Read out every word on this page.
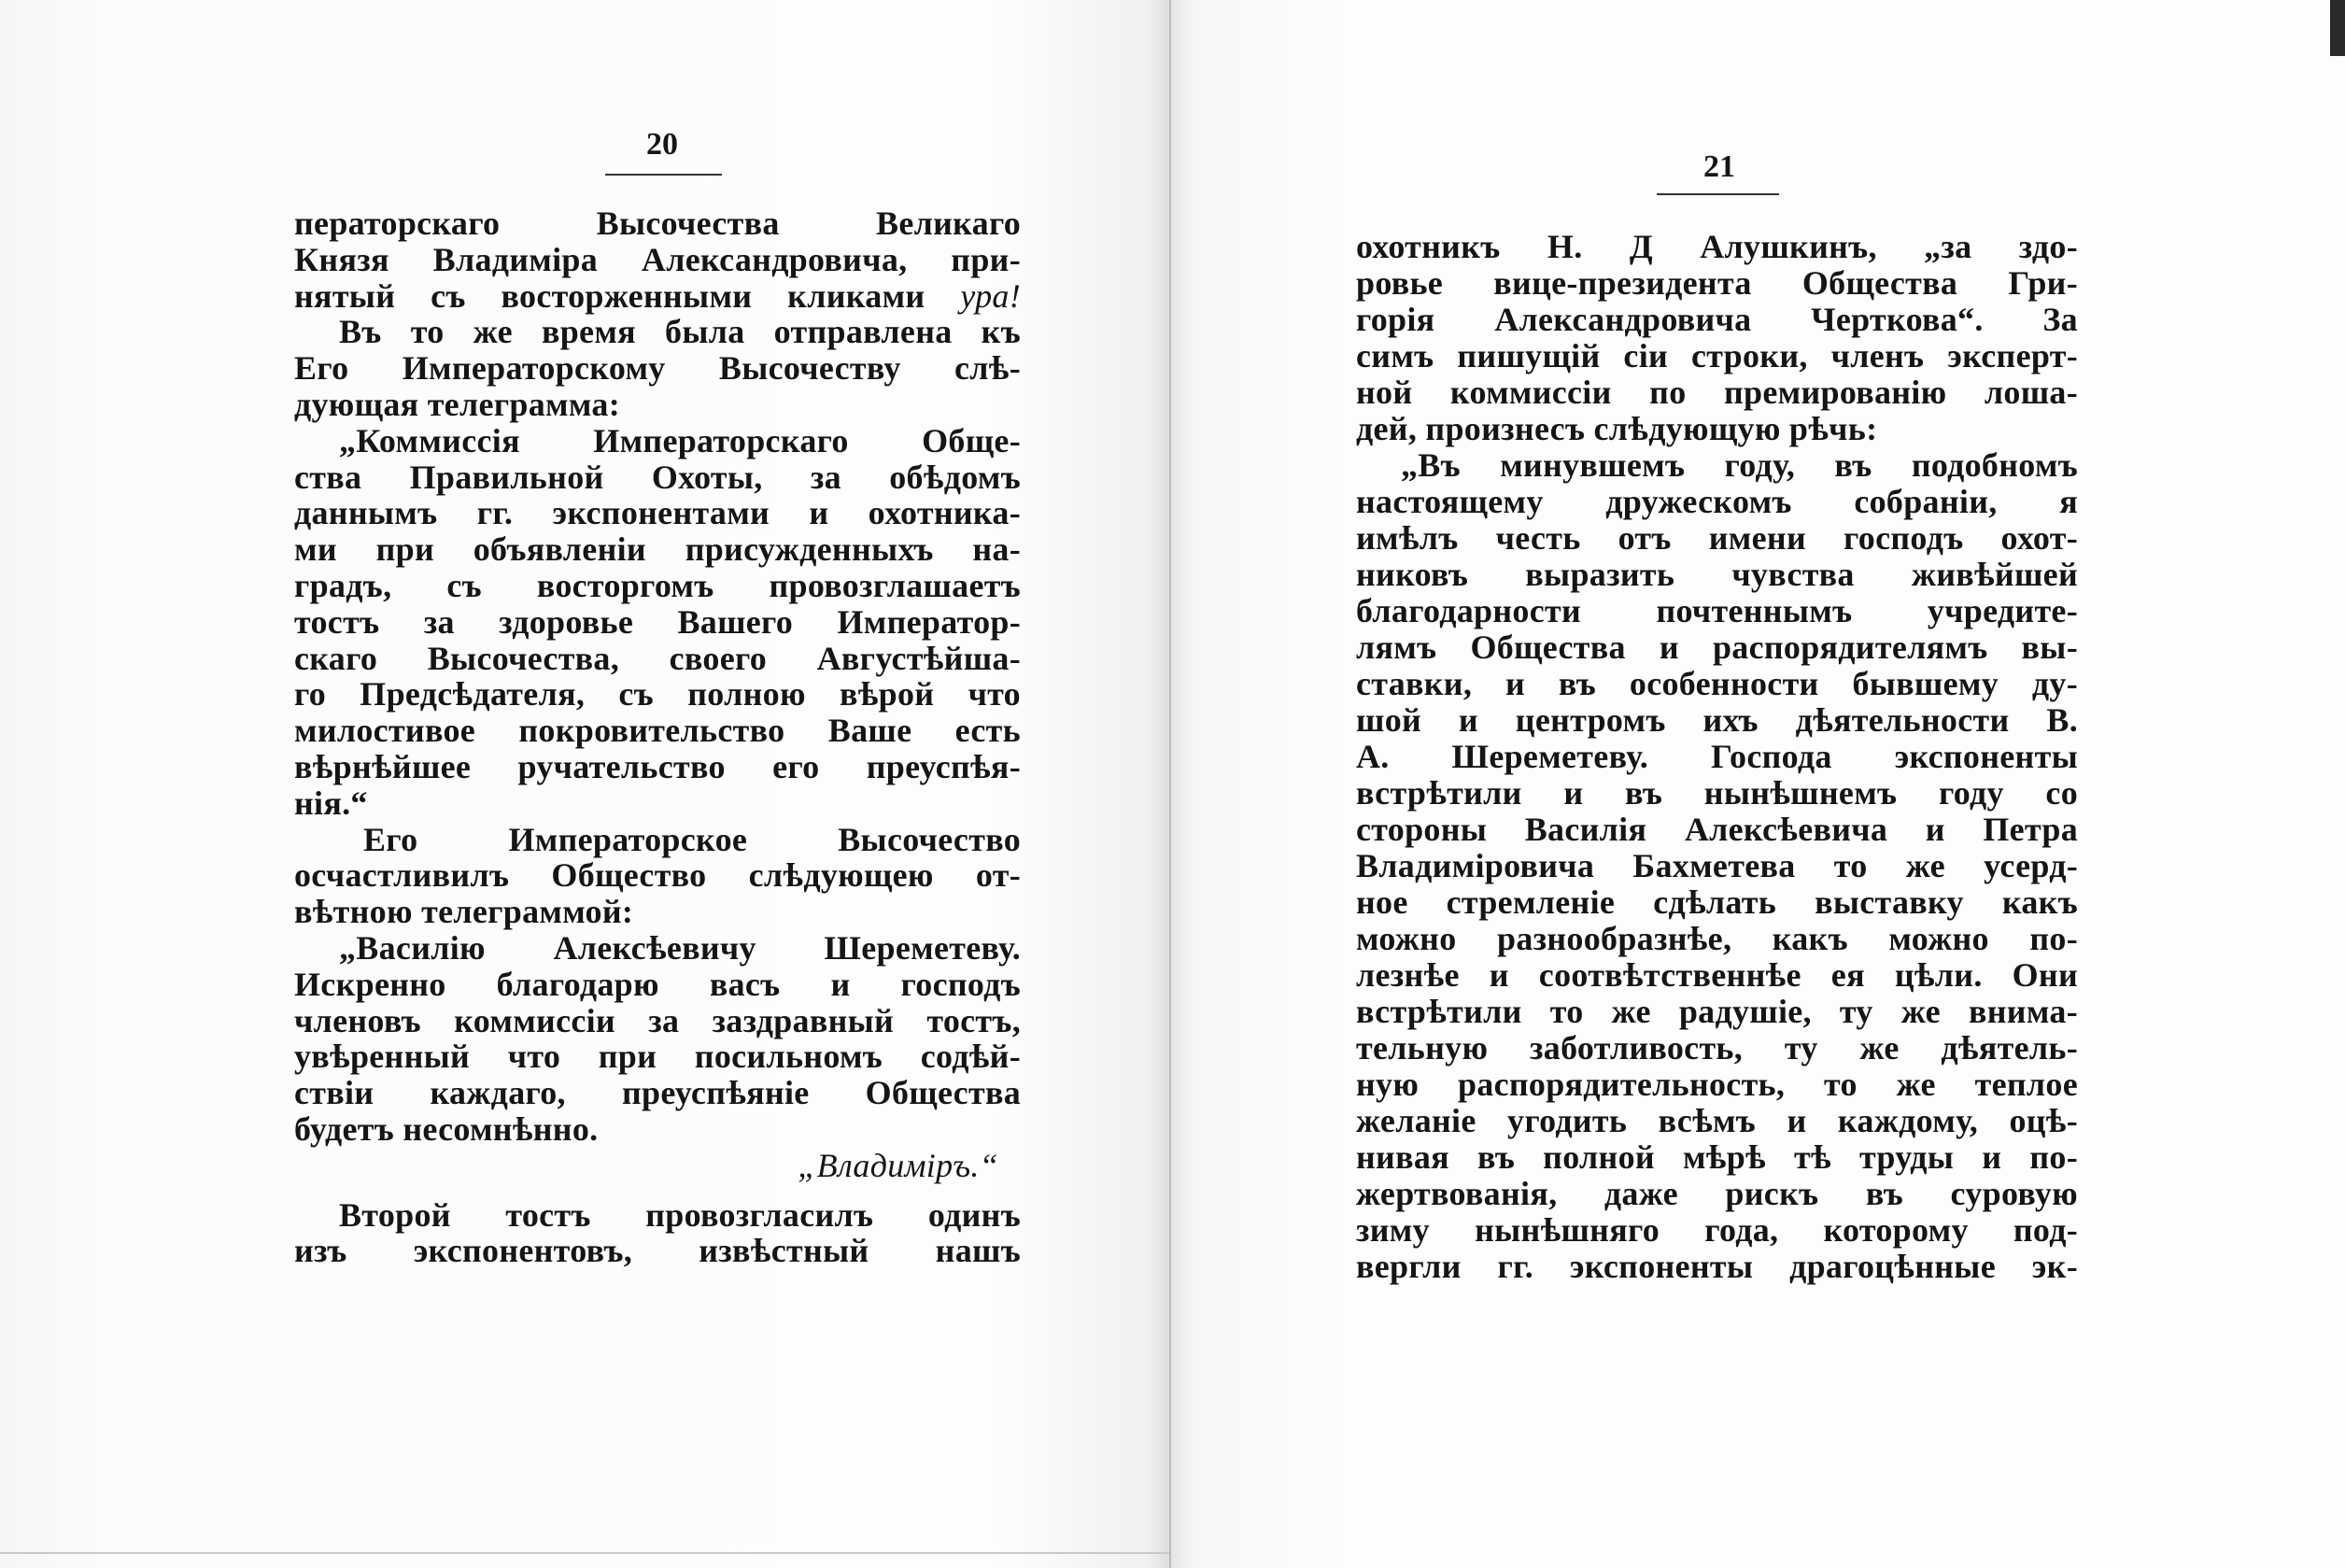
20
ператорскаго Высочества Великаго
Князя Владиміра Александровича, при-
нятый съ восторженными кликами ура!
Въ то же время была отправлена къ
Его Императорскому Высочеству слѣ-
дующая телеграмма:
„Коммиссія Императорскаго Обще-
ства Правильной Охоты, за обѣдомъ
даннымъ гг. экспонентами и охотника-
ми при объявленіи присужденныхъ на-
градъ, съ восторгомъ провозглашаетъ
тостъ за здоровье Вашего Император-
скаго Высочества, своего Августѣйша-
го Предсѣдателя, съ полною вѣрой что
милостивое покровительство Ваше есть
вѣрнѣйшее ручательство его преуспѣя-
нія.“
Его Императорское Высочество
осчастливилъ Общество слѣдующею от-
вѣтною телеграммой:
„Василію Алексѣевичу Шереметеву.
Искренно благодарю васъ и господъ
членовъ коммиссіи за заздравный тостъ,
увѣренный что при посильномъ содѣй-
ствіи каждаго, преуспѣяніе Общества
будетъ несомнѣнно.
„Владиміръ.“
Второй тостъ провозгласилъ одинъ
изъ экспонентовъ, извѣстный нашъ
21
охотникъ Н. Д Алушкинъ, „за здо-
ровье вице-президента Общества Гри-
горія Александровича Черткова“. За
симъ пишущій сіи строки, членъ эксперт-
ной коммиссіи по премированію лоша-
дей, произнесъ слѣдующую рѣчь:
„Въ минувшемъ году, въ подобномъ
настоящему дружескомъ собраніи, я
имѣлъ честь отъ имени господъ охот-
никовъ выразить чувства живѣйшей
благодарности почтеннымъ учредите-
лямъ Общества и распорядителямъ вы-
ставки, и въ особенности бывшему ду-
шой и центромъ ихъ дѣятельности В.
А. Шереметеву. Господа экспоненты
встрѣтили и въ нынѣшнемъ году со
стороны Василія Алексѣевича и Петра
Владиміровича Бахметева то же усерд-
ное стремленіе сдѣлать выставку какъ
можно разнообразнѣе, какъ можно по-
лезнѣе и соотвѣтственнѣе ея цѣли. Они
встрѣтили то же радушіе, ту же внима-
тельную заботливость, ту же дѣятель-
ную распорядительность, то же теплое
желаніе угодить всѣмъ и каждому, оцѣ-
нивая въ полной мѣрѣ тѣ труды и по-
жертвованія, даже рискъ въ суровую
зиму нынѣшняго года, которому под-
вергли гг. экспоненты драгоцѣнные эк-
